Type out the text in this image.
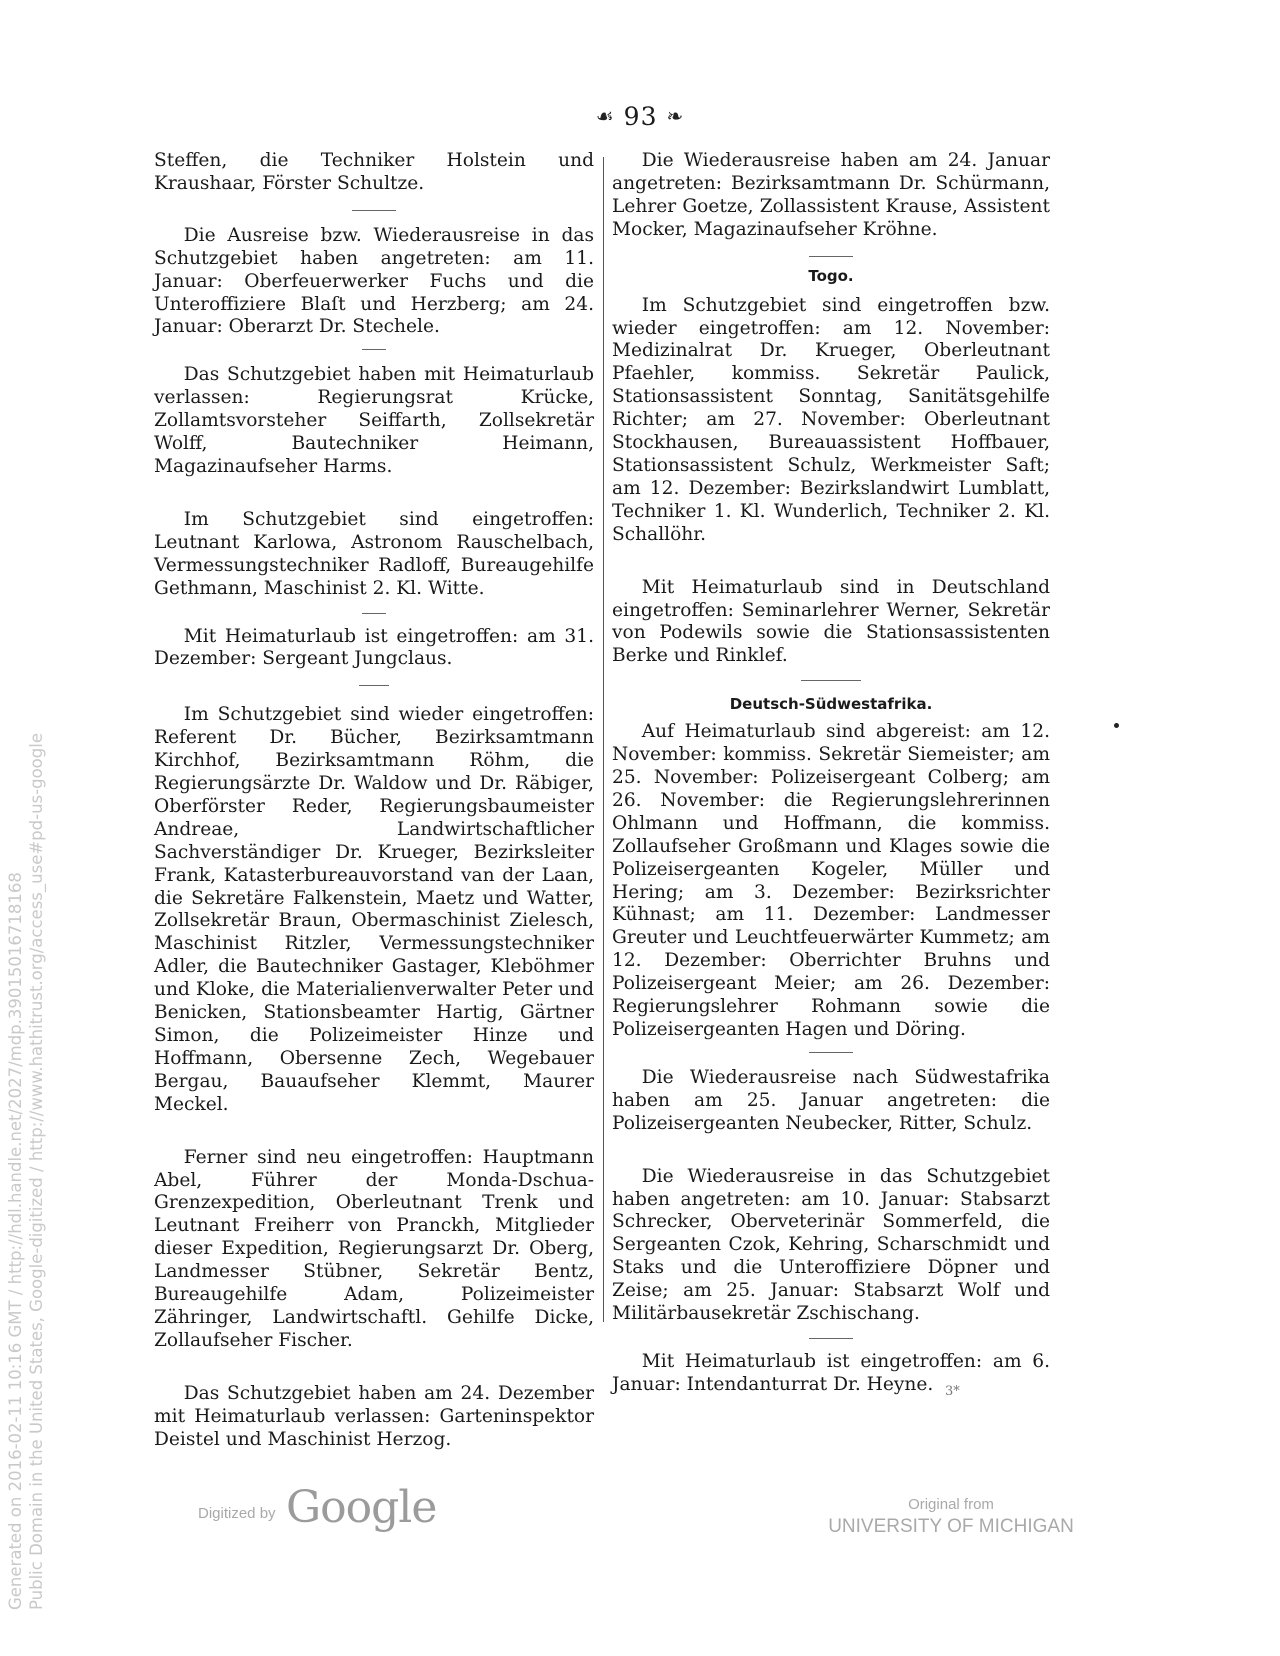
☙ 93 ❧

Steffen, die Techniker Holstein und Kraushaar, Förster Schultze.

Die Ausreise bzw. Wiederausreise in das Schutzgebiet haben angetreten: am 11. Januar: Oberfeuerwerker Fuchs und die Unteroffiziere Blaſt und Herzberg; am 24. Januar: Oberarzt Dr. Stechele.

Das Schutzgebiet haben mit Heimaturlaub verlassen: Regierungsrat Krücke, Zollamtsvorsteher Seiffarth, Zollsekretär Wolff, Bautechniker Heimann, Magazinaufseher Harms.

Im Schutzgebiet sind eingetroffen: Leutnant Karlowa, Astronom Rauschelbach, Vermessungstechniker Radloff, Bureaugehilfe Gethmann, Maschinist 2. Kl. Witte.

Mit Heimaturlaub ist eingetroffen: am 31. Dezember: Sergeant Jungclaus.

Im Schutzgebiet sind wieder eingetroffen: Referent Dr. Bücher, Bezirksamtmann Kirchhof, Bezirksamtmann Röhm, die Regierungsärzte Dr. Waldow und Dr. Räbiger, Oberförster Reder, Regierungsbaumeister Andreae, Landwirtschaftlicher Sachverständiger Dr. Krueger, Bezirksleiter Frank, Katasterbureauvorstand van der Laan, die Sekretäre Falkenstein, Maetz und Watter, Zollsekretär Braun, Obermaschinist Zielesch, Maschinist Ritzler, Vermessungstechniker Adler, die Bautechniker Gastager, Kleböhmer und Kloke, die Materialienverwalter Peter und Benicken, Stationsbeamter Hartig, Gärtner Simon, die Polizeimeister Hinze und Hoffmann, Obersenne Zech, Wegebauer Bergau, Bauaufseher Klemmt, Maurer Meckel.

Ferner sind neu eingetroffen: Hauptmann Abel, Führer der Monda-Dschua-Grenzexpedition, Oberleutnant Trenk und Leutnant Freiherr von Pranckh, Mitglieder dieser Expedition, Regierungsarzt Dr. Oberg, Landmesser Stübner, Sekretär Bentz, Bureaugehilfe Adam, Polizeimeister Zähringer, Landwirtschaftl. Gehilfe Dicke, Zollaufseher Fischer.

Das Schutzgebiet haben am 24. Dezember mit Heimaturlaub verlassen: Garteninspektor Deistel und Maschinist Herzog.

Die Wiederausreise haben am 24. Januar angetreten: Bezirksamtmann Dr. Schürmann, Lehrer Goetze, Zollassistent Krause, Assistent Mocker, Magazinaufseher Kröhne.

Togo.

Im Schutzgebiet sind eingetroffen bzw. wieder eingetroffen: am 12. November: Medizinalrat Dr. Krueger, Oberleutnant Pfaehler, kommiss. Sekretär Paulick, Stationsassistent Sonntag, Sanitätsgehilfe Richter; am 27. November: Oberleutnant Stockhausen, Bureauassistent Hoffbauer, Stationsassistent Schulz, Werkmeister Saft; am 12. Dezember: Bezirkslandwirt Lumblatt, Techniker 1. Kl. Wunderlich, Techniker 2. Kl. Schallöhr.

Mit Heimaturlaub sind in Deutschland eingetroffen: Seminarlehrer Werner, Sekretär von Podewils sowie die Stationsassistenten Berke und Rinklef.

Deutsch-Südwestafrika.

Auf Heimaturlaub sind abgereist: am 12. November: kommiss. Sekretär Siemeister; am 25. November: Polizeisergeant Colberg; am 26. November: die Regierungslehrerinnen Ohlmann und Hoffmann, die kommiss. Zollaufseher Großmann und Klages sowie die Polizeisergeanten Kogeler, Müller und Hering; am 3. Dezember: Bezirksrichter Kühnast; am 11. Dezember: Landmesser Greuter und Leuchtfeuerwärter Kummetz; am 12. Dezember: Oberrichter Bruhns und Polizeisergeant Meier; am 26. Dezember: Regierungslehrer Rohmann sowie die Polizeisergeanten Hagen und Döring.

Die Wiederausreise nach Südwestafrika haben am 25. Januar angetreten: die Polizeisergeanten Neubecker, Ritter, Schulz.

Die Wiederausreise in das Schutzgebiet haben angetreten: am 10. Januar: Stabsarzt Schrecker, Oberveterinär Sommerfeld, die Sergeanten Czok, Kehring, Scharschmidt und Staks und die Unteroffiziere Döpner und Zeise; am 25. Januar: Stabsarzt Wolf und Militärbausekretär Zschischang.

Mit Heimaturlaub ist eingetroffen: am 6. Januar: Intendanturrat Dr. Heyne. 3*
Generated on 2016-02-11 10:16 GMT / http://hdl.handle.net/2027/mdp.39015016718168 Public Domain in the United States, Google-digitized / http://www.hathitrust.org/access_use#pd-us-google	Digitized by Google	Original from
UNIVERSITY OF MICHIGAN
